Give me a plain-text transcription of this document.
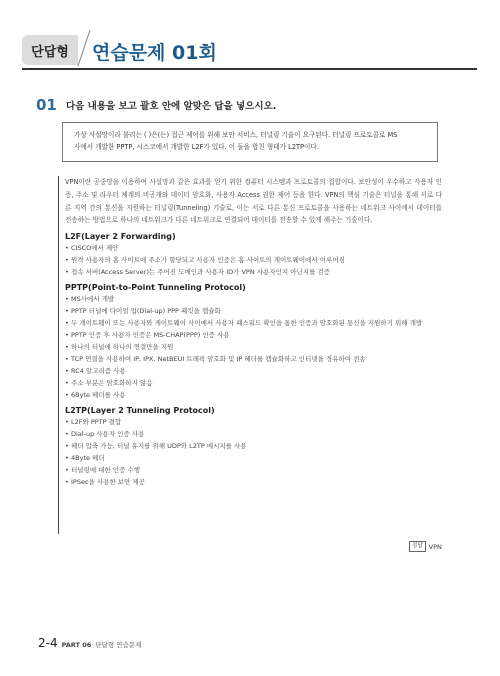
단답형	연습문제 01회
01 다음 내용을 보고 괄호 안에 알맞은 답을 넣으시오.
가상 사설망이라 불리는 ( )은(는) 접근 제어를 위해 보안 서비스, 터널링 기술이 요구된다. 터널링 프로토콜로 MS
사에서 개발한 PPTP, 시스코에서 개발한 L2F가 있다. 이 둘을 합친 형태가 L2TP이다.

VPN이란 공중망을 이용하여 사설망과 같은 효과를 얻기 위한 컴퓨터 시스템과 프로토콜의 집합이다. 보안성이 우수하고 사용자 인증, 주소 및 라우터 체계의 비공개와 데이터 암호화, 사용자 Access 권한 제어 등을 한다. VPN의 핵심 기술은 터널을 통해 서로 다른 지역 간의 통신을 지원하는 터널링(Tunneling) 기술로, 이는 서로 다른 통신 프로토콜을 사용하는 네트워크 사이에서 데이터를 전송하는 방법으로 하나의 네트워크가 다른 네트워크로 연결되어 데이터를 전송할 수 있게 해주는 기술이다.

L2F(Layer 2 Forwarding)
• CISCO에서 제안
• 원격 사용자의 홈 사이트에 주소가 할당되고 사용자 인증은 홈 사이트의 게이트웨이에서 이루어짐
• 접속 서버(Access Server)는 주어진 도메인과 사용자 ID가 VPN 사용자인지 아닌지를 검증
PPTP(Point-to-Point Tunneling Protocol)
• MS사에서 개발
• PPTP 터널에 다이얼 업(Dial-up) PPP 패킷을 캡슐화
• 두 게이트웨이 또는 사용자와 게이트웨이 사이에서 사용자 패스워드 확인을 통한 인증과 암호화된 통신을 지원하기 위해 개발
• PPTP 인증 후 사용자 인증은 MS-CHAP(PPP) 인증 사용
• 하나의 터널에 하나의 연결만을 지원
• TCP 연결을 사용하여 IP, IPX, NetBEUI 트래픽 암호화 및 IP 헤더를 캡슐화하고 인터넷을 경유하여 전송
• RC4 알고리즘 사용
• 주소 부분은 암호화하지 않음
• 6Byte 헤더를 사용
L2TP(Layer 2 Tunneling Protocol)
• L2F와 PPTP 결합
• Dial-up 사용자 인증 사용
• 헤더 압축 가능, 터널 유지를 위해 UDP와 L2TP 메시지를 사용
• 4Byte 헤더
• 터널링에 대한 인증 수행
• IPSec을 사용한 보안 제공
정답 VPN
2-4 PART 06 단답형 연습문제
